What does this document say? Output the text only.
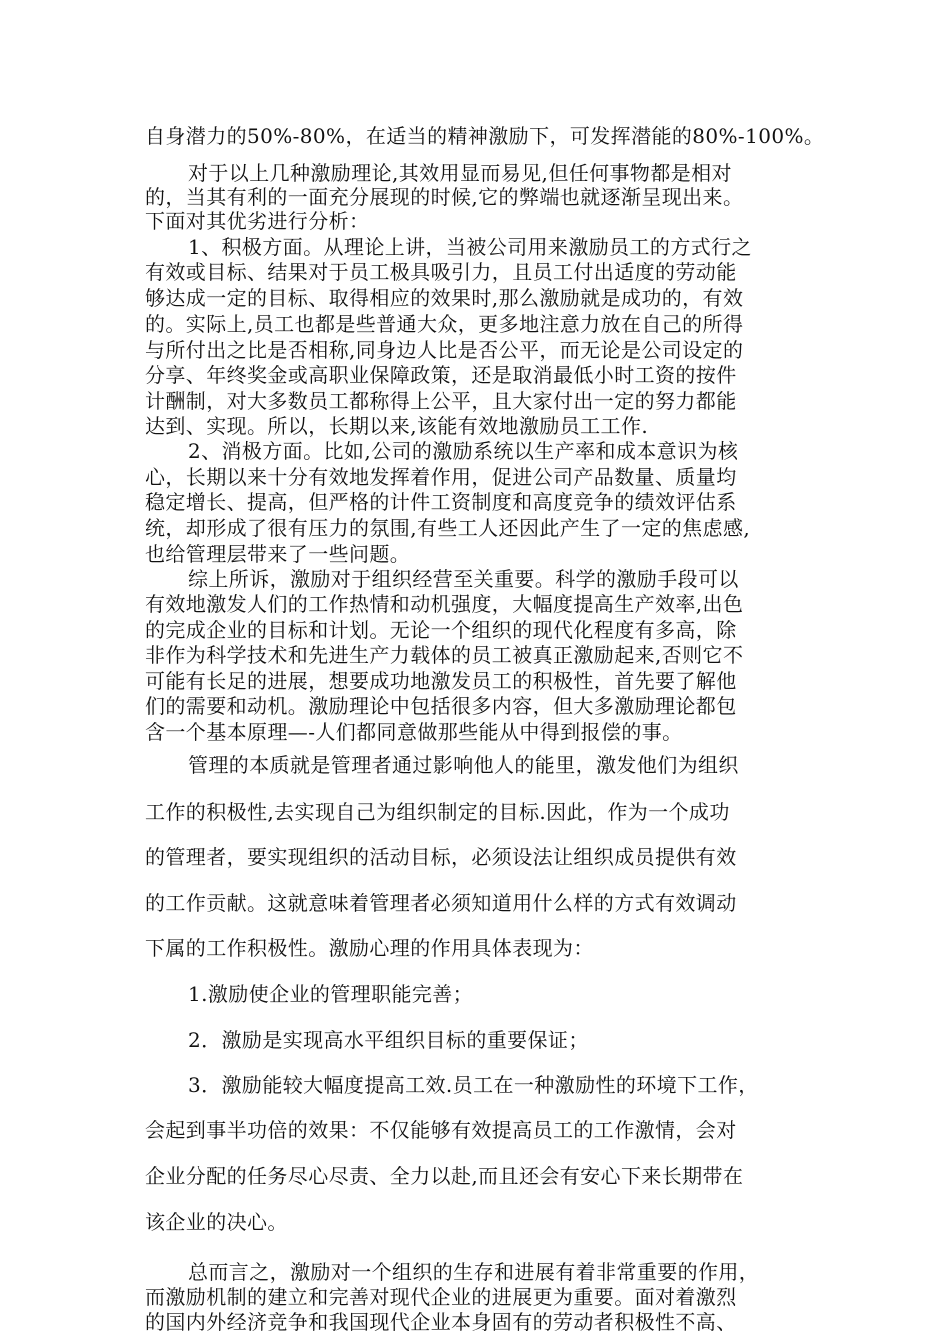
自身潜力的50%-80%，在适当的精神激励下，可发挥潜能的80%-100%。
对于以上几种激励理论,其效用显而易见,但任何事物都是相对
的，当其有利的一面充分展现的时候,它的弊端也就逐渐呈现出来。
下面对其优劣进行分析：
1、积极方面。从理论上讲，当被公司用来激励员工的方式行之
有效或目标、结果对于员工极具吸引力，且员工付出适度的劳动能
够达成一定的目标、取得相应的效果时,那么激励就是成功的，有效
的。实际上,员工也都是些普通大众，更多地注意力放在自己的所得
与所付出之比是否相称,同身边人比是否公平，而无论是公司设定的
分享、年终奖金或高职业保障政策，还是取消最低小时工资的按件
计酬制，对大多数员工都称得上公平，且大家付出一定的努力都能
达到、实现。所以，长期以来,该能有效地激励员工工作.
2、消极方面。比如,公司的激励系统以生产率和成本意识为核
心，长期以来十分有效地发挥着作用，促进公司产品数量、质量均
稳定增长、提高，但严格的计件工资制度和高度竞争的绩效评估系
统，却形成了很有压力的氛围,有些工人还因此产生了一定的焦虑感,
也给管理层带来了一些问题。
综上所诉，激励对于组织经营至关重要。科学的激励手段可以
有效地激发人们的工作热情和动机强度，大幅度提高生产效率,出色
的完成企业的目标和计划。无论一个组织的现代化程度有多高，除
非作为科学技术和先进生产力载体的员工被真正激励起来,否则它不
可能有长足的进展，想要成功地激发员工的积极性，首先要了解他
们的需要和动机。激励理论中包括很多内容，但大多激励理论都包
含一个基本原理—-人们都同意做那些能从中得到报偿的事。
管理的本质就是管理者通过影响他人的能里，激发他们为组织
工作的积极性,去实现自己为组织制定的目标.因此，作为一个成功
的管理者，要实现组织的活动目标，必须设法让组织成员提供有效
的工作贡献。这就意味着管理者必须知道用什么样的方式有效调动
下属的工作积极性。激励心理的作用具体表现为：
1.激励使企业的管理职能完善；
2．激励是实现高水平组织目标的重要保证；
3．激励能较大幅度提高工效.员工在一种激励性的环境下工作，
会起到事半功倍的效果：不仅能够有效提高员工的工作激情，会对
企业分配的任务尽心尽责、全力以赴,而且还会有安心下来长期带在
该企业的决心。
总而言之，激励对一个组织的生存和进展有着非常重要的作用，
而激励机制的建立和完善对现代企业的进展更为重要。面对着激烈
的国内外经济竞争和我国现代企业本身固有的劳动者积极性不高、
